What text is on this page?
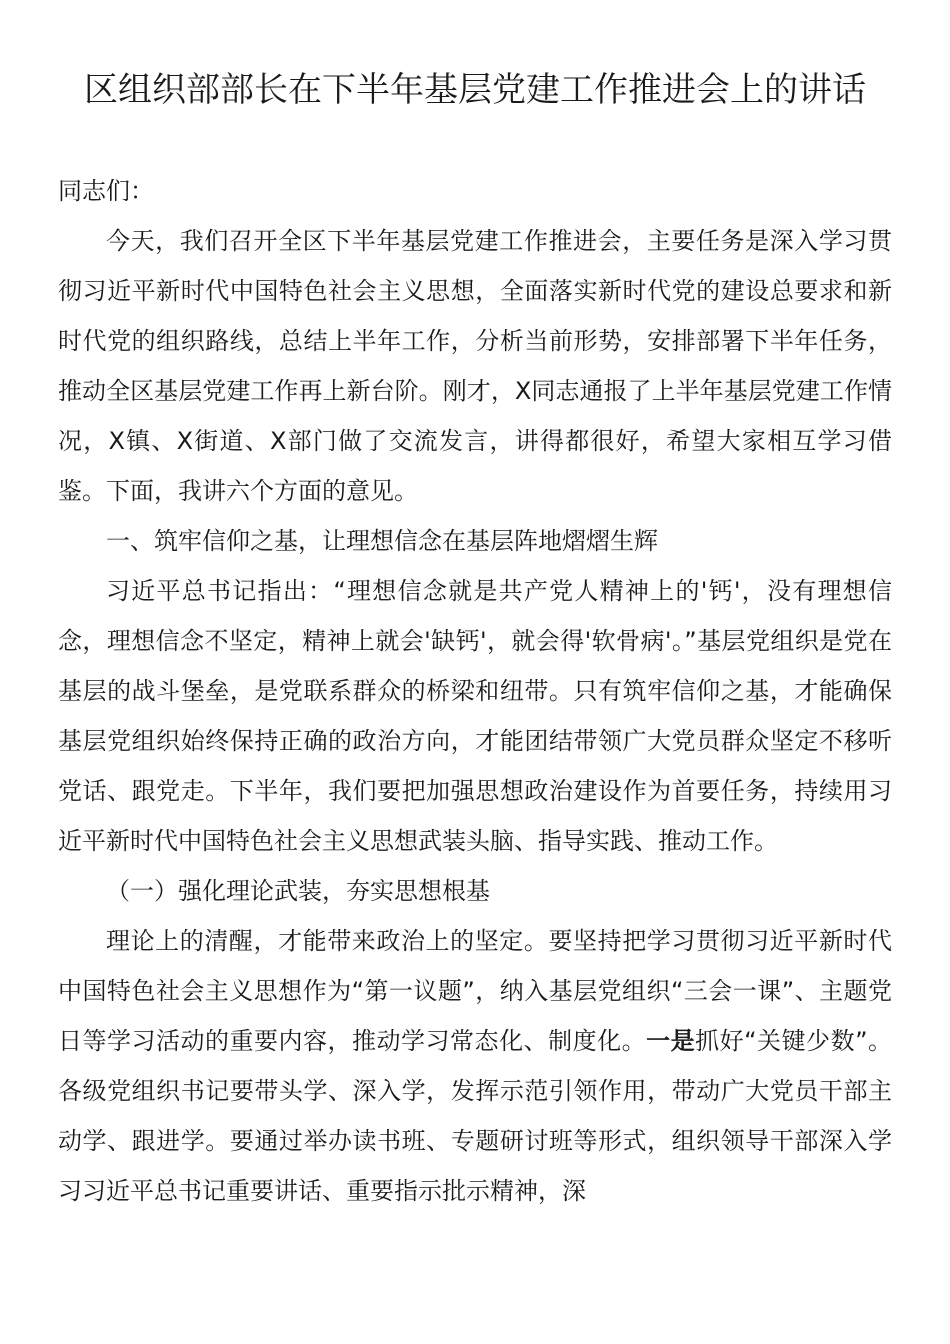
区组织部部长在下半年基层党建工作推进会上的讲话

同志们：

今天，我们召开全区下半年基层党建工作推进会，主要任务是深入学习贯彻习近平新时代中国特色社会主义思想，全面落实新时代党的建设总要求和新时代党的组织路线，总结上半年工作，分析当前形势，安排部署下半年任务，推动全区基层党建工作再上新台阶。刚才，X同志通报了上半年基层党建工作情况，X镇、X街道、X部门做了交流发言，讲得都很好，希望大家相互学习借鉴。下面，我讲六个方面的意见。

一、筑牢信仰之基，让理想信念在基层阵地熠熠生辉

习近平总书记指出：“理想信念就是共产党人精神上的'钙'，没有理想信念，理想信念不坚定，精神上就会'缺钙'，就会得'软骨病'。”基层党组织是党在基层的战斗堡垒，是党联系群众的桥梁和纽带。只有筑牢信仰之基，才能确保基层党组织始终保持正确的政治方向，才能团结带领广大党员群众坚定不移听党话、跟党走。下半年，我们要把加强思想政治建设作为首要任务，持续用习近平新时代中国特色社会主义思想武装头脑、指导实践、推动工作。

（一）强化理论武装，夯实思想根基

理论上的清醒，才能带来政治上的坚定。要坚持把学习贯彻习近平新时代中国特色社会主义思想作为“第一议题”，纳入基层党组织“三会一课”、主题党日等学习活动的重要内容，推动学习常态化、制度化。一是抓好“关键少数”。各级党组织书记要带头学、深入学，发挥示范引领作用，带动广大党员干部主动学、跟进学。要通过举办读书班、专题研讨班等形式，组织领导干部深入学习习近平总书记重要讲话、重要指示批示精神，深
